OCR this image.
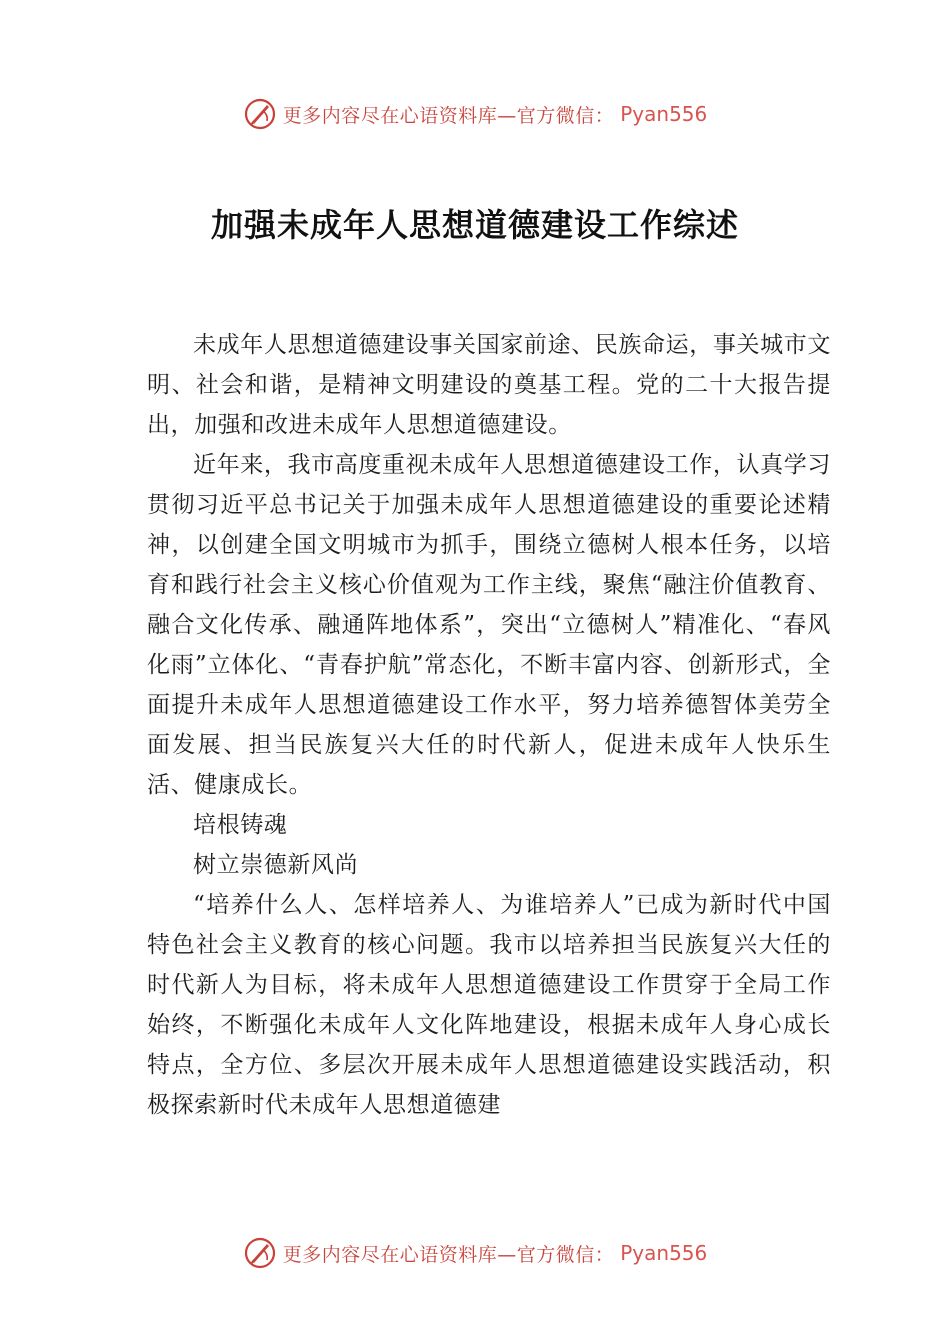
更多内容尽在心语资料库—官方微信： Pyan556
加强未成年人思想道德建设工作综述

未成年人思想道德建设事关国家前途、民族命运，事关城市文明、社会和谐，是精神文明建设的奠基工程。党的二十大报告提出，加强和改进未成年人思想道德建设。

近年来，我市高度重视未成年人思想道德建设工作，认真学习贯彻习近平总书记关于加强未成年人思想道德建设的重要论述精神，以创建全国文明城市为抓手，围绕立德树人根本任务，以培育和践行社会主义核心价值观为工作主线，聚焦“融注价值教育、融合文化传承、融通阵地体系”，突出“立德树人”精准化、“春风化雨”立体化、“青春护航”常态化，不断丰富内容、创新形式，全面提升未成年人思想道德建设工作水平，努力培养德智体美劳全面发展、担当民族复兴大任的时代新人，促进未成年人快乐生活、健康成长。

培根铸魂

树立崇德新风尚

“培养什么人、怎样培养人、为谁培养人”已成为新时代中国特色社会主义教育的核心问题。我市以培养担当民族复兴大任的时代新人为目标，将未成年人思想道德建设工作贯穿于全局工作始终，不断强化未成年人文化阵地建设，根据未成年人身心成长特点，全方位、多层次开展未成年人思想道德建设实践活动，积极探索新时代未成年人思想道德建

更多内容尽在心语资料库—官方微信： Pyan556
